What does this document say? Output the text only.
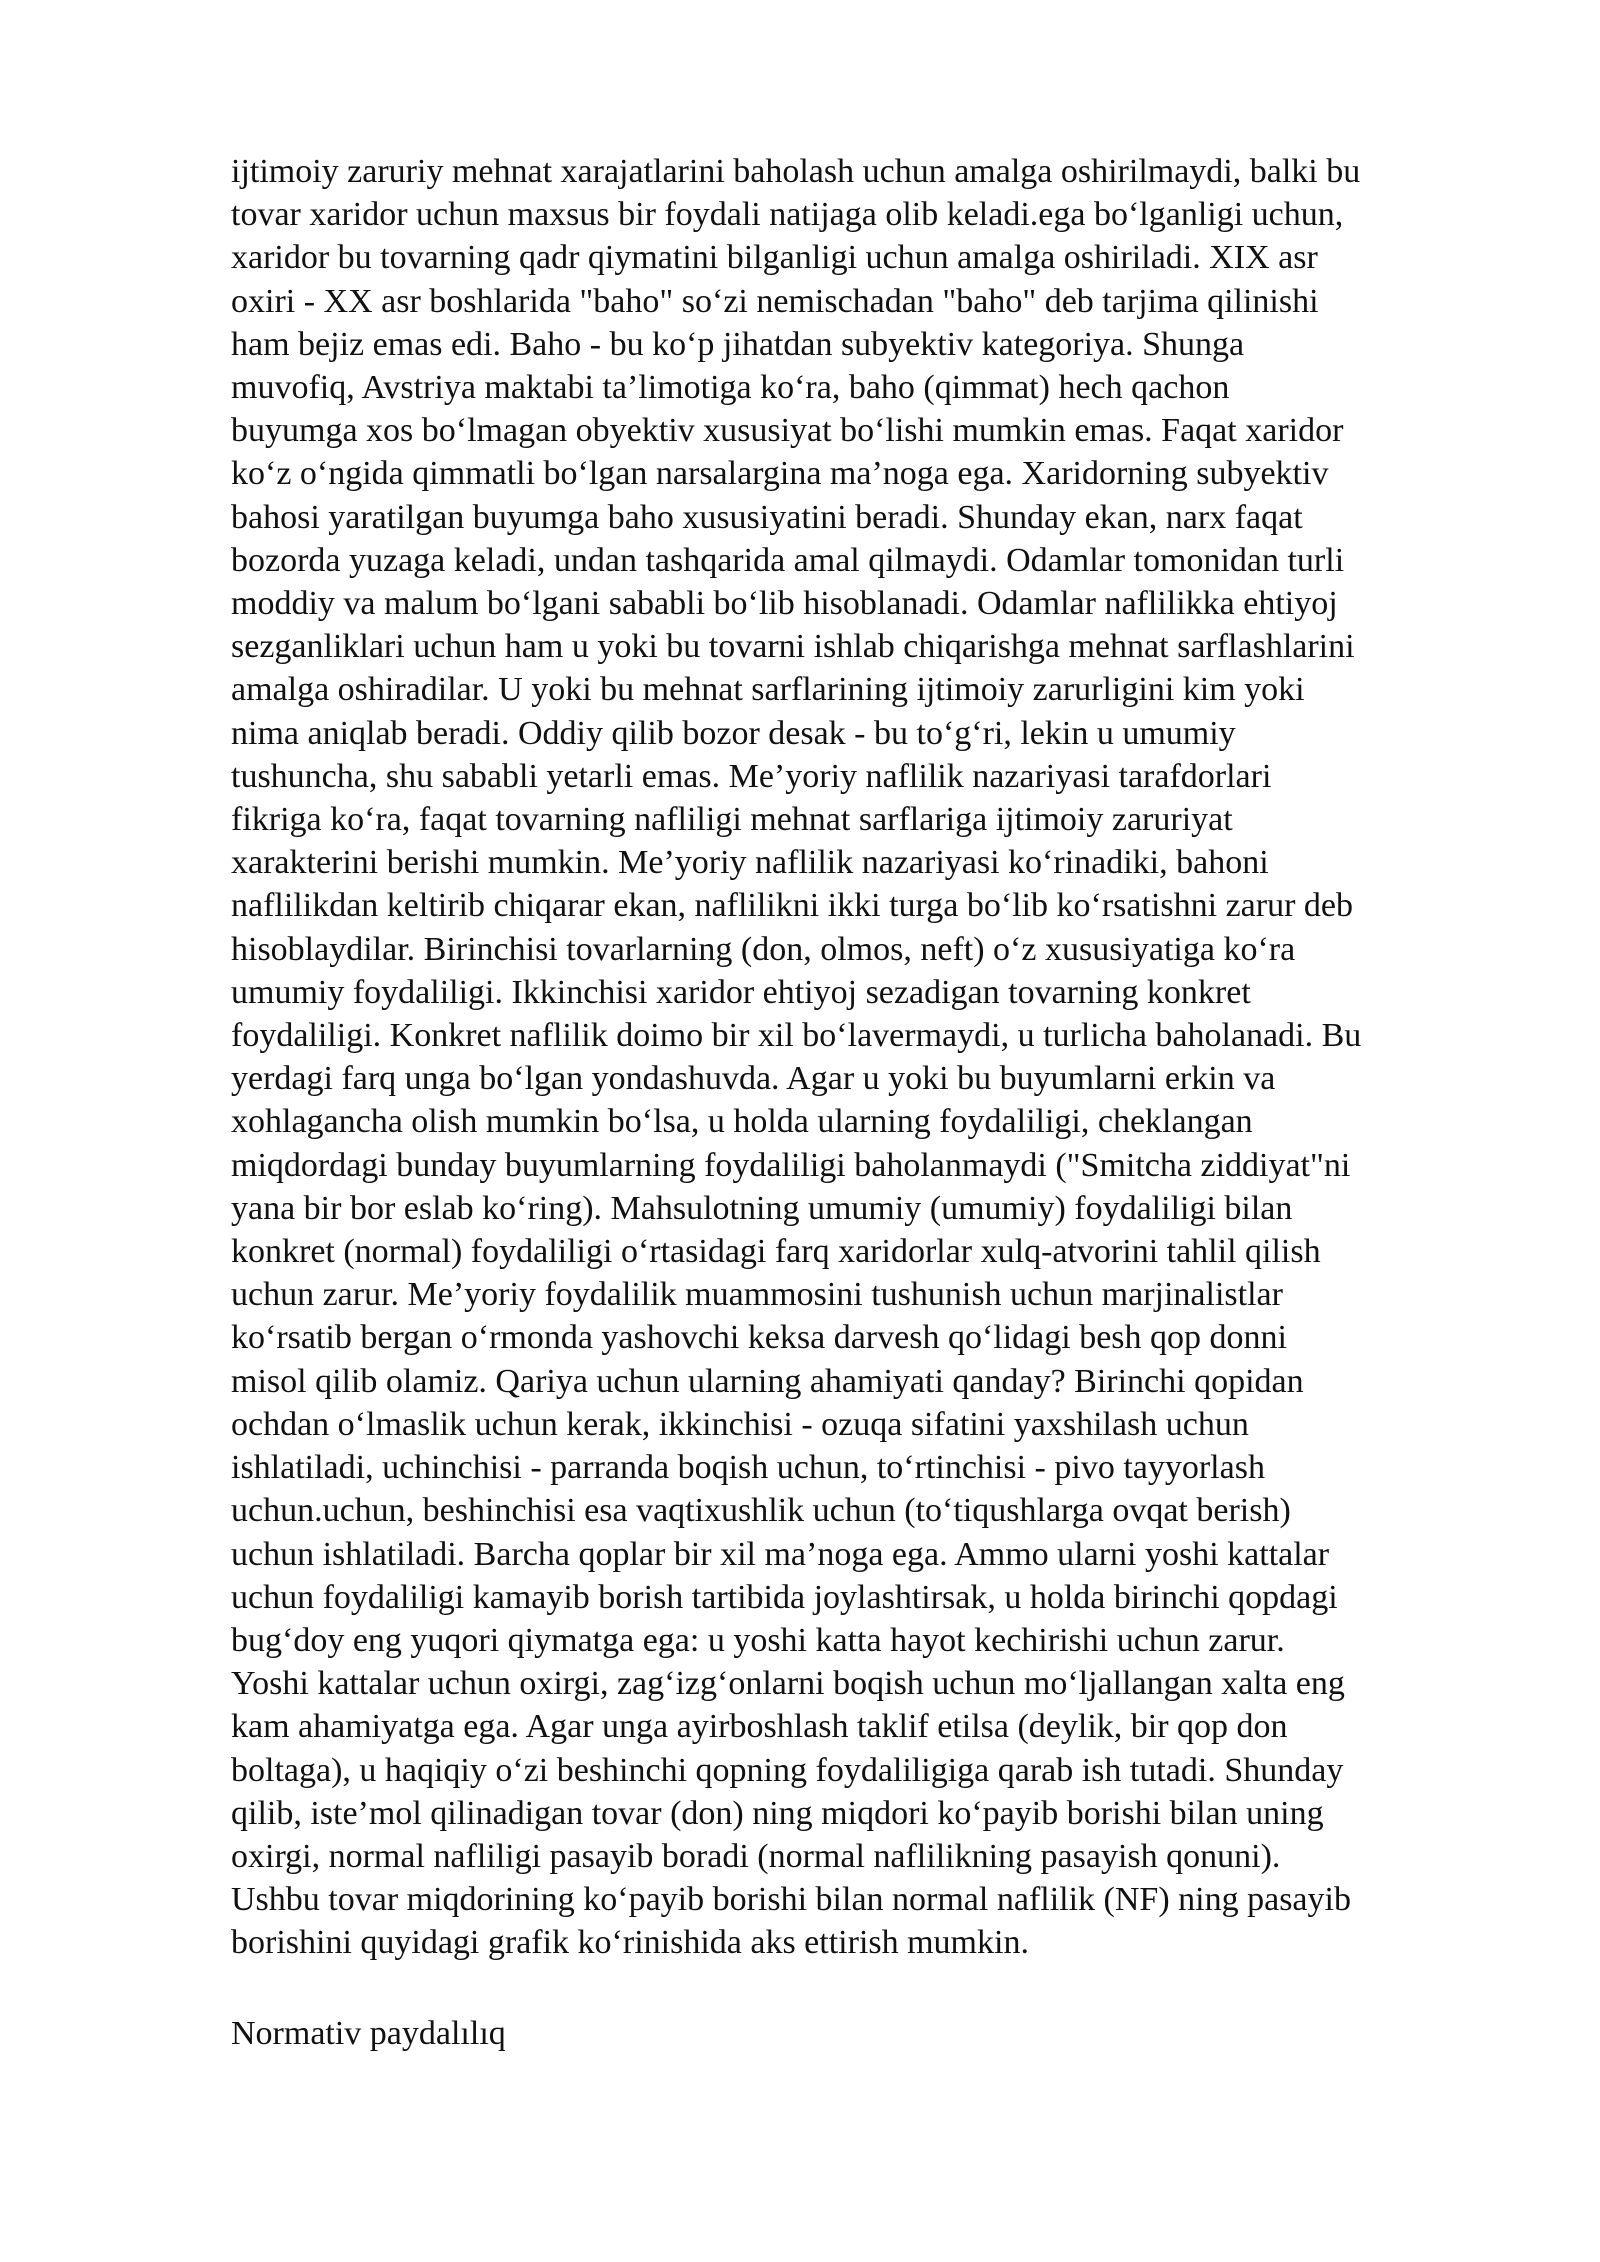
ijtimoiy zaruriy mehnat xarajatlarini baholash uchun amalga oshirilmaydi, balki bu
tovar xaridor uchun maxsus bir foydali natijaga olib keladi.ega bo‘lganligi uchun,
xaridor bu tovarning qadr qiymatini bilganligi uchun amalga oshiriladi. XIX asr
oxiri - XX asr boshlarida "baho" so‘zi nemischadan "baho" deb tarjima qilinishi
ham bejiz emas edi. Baho - bu ko‘p jihatdan subyektiv kategoriya. Shunga
muvofiq, Avstriya maktabi ta’limotiga ko‘ra, baho (qimmat) hech qachon
buyumga xos bo‘lmagan obyektiv xususiyat bo‘lishi mumkin emas. Faqat xaridor
ko‘z o‘ngida qimmatli bo‘lgan narsalargina ma’noga ega. Xaridorning subyektiv
bahosi yaratilgan buyumga baho xususiyatini beradi. Shunday ekan, narx faqat
bozorda yuzaga keladi, undan tashqarida amal qilmaydi. Odamlar tomonidan turli
moddiy va malum bo‘lgani sababli bo‘lib hisoblanadi. Odamlar naflilikka ehtiyoj
sezganliklari uchun ham u yoki bu tovarni ishlab chiqarishga mehnat sarflashlarini
amalga oshiradilar. U yoki bu mehnat sarflarining ijtimoiy zarurligini kim yoki
nima aniqlab beradi. Oddiy qilib bozor desak - bu to‘g‘ri, lekin u umumiy
tushuncha, shu sababli yetarli emas. Me’yoriy naflilik nazariyasi tarafdorlari
fikriga ko‘ra, faqat tovarning nafliligi mehnat sarflariga ijtimoiy zaruriyat
xarakterini berishi mumkin. Me’yoriy naflilik nazariyasi ko‘rinadiki, bahoni
naflilikdan keltirib chiqarar ekan, naflilikni ikki turga bo‘lib ko‘rsatishni zarur deb
hisoblaydilar. Birinchisi tovarlarning (don, olmos, neft) o‘z xususiyatiga ko‘ra
umumiy foydaliligi. Ikkinchisi xaridor ehtiyoj sezadigan tovarning konkret
foydaliligi. Konkret naflilik doimo bir xil bo‘lavermaydi, u turlicha baholanadi. Bu
yerdagi farq unga bo‘lgan yondashuvda. Agar u yoki bu buyumlarni erkin va
xohlagancha olish mumkin bo‘lsa, u holda ularning foydaliligi, cheklangan
miqdordagi bunday buyumlarning foydaliligi baholanmaydi ("Smitcha ziddiyat"ni
yana bir bor eslab ko‘ring). Mahsulotning umumiy (umumiy) foydaliligi bilan
konkret (normal) foydaliligi o‘rtasidagi farq xaridorlar xulq-atvorini tahlil qilish
uchun zarur. Me’yoriy foydalilik muammosini tushunish uchun marjinalistlar
ko‘rsatib bergan o‘rmonda yashovchi keksa darvesh qo‘lidagi besh qop donni
misol qilib olamiz. Qariya uchun ularning ahamiyati qanday? Birinchi qopidan
ochdan o‘lmaslik uchun kerak, ikkinchisi - ozuqa sifatini yaxshilash uchun
ishlatiladi, uchinchisi - parranda boqish uchun, to‘rtinchisi - pivo tayyorlash
uchun.uchun, beshinchisi esa vaqtixushlik uchun (to‘tiqushlarga ovqat berish)
uchun ishlatiladi. Barcha qoplar bir xil ma’noga ega. Ammo ularni yoshi kattalar
uchun foydaliligi kamayib borish tartibida joylashtirsak, u holda birinchi qopdagi
bug‘doy eng yuqori qiymatga ega: u yoshi katta hayot kechirishi uchun zarur.
Yoshi kattalar uchun oxirgi, zag‘izg‘onlarni boqish uchun mo‘ljallangan xalta eng
kam ahamiyatga ega. Agar unga ayirboshlash taklif etilsa (deylik, bir qop don
boltaga), u haqiqiy o‘zi beshinchi qopning foydaliligiga qarab ish tutadi. Shunday
qilib, iste’mol qilinadigan tovar (don) ning miqdori ko‘payib borishi bilan uning
oxirgi, normal nafliligi pasayib boradi (normal naflilikning pasayish qonuni).
Ushbu tovar miqdorining ko‘payib borishi bilan normal naflilik (NF) ning pasayib
borishini quyidagi grafik ko‘rinishida aks ettirish mumkin.

Normativ paydalılıq
